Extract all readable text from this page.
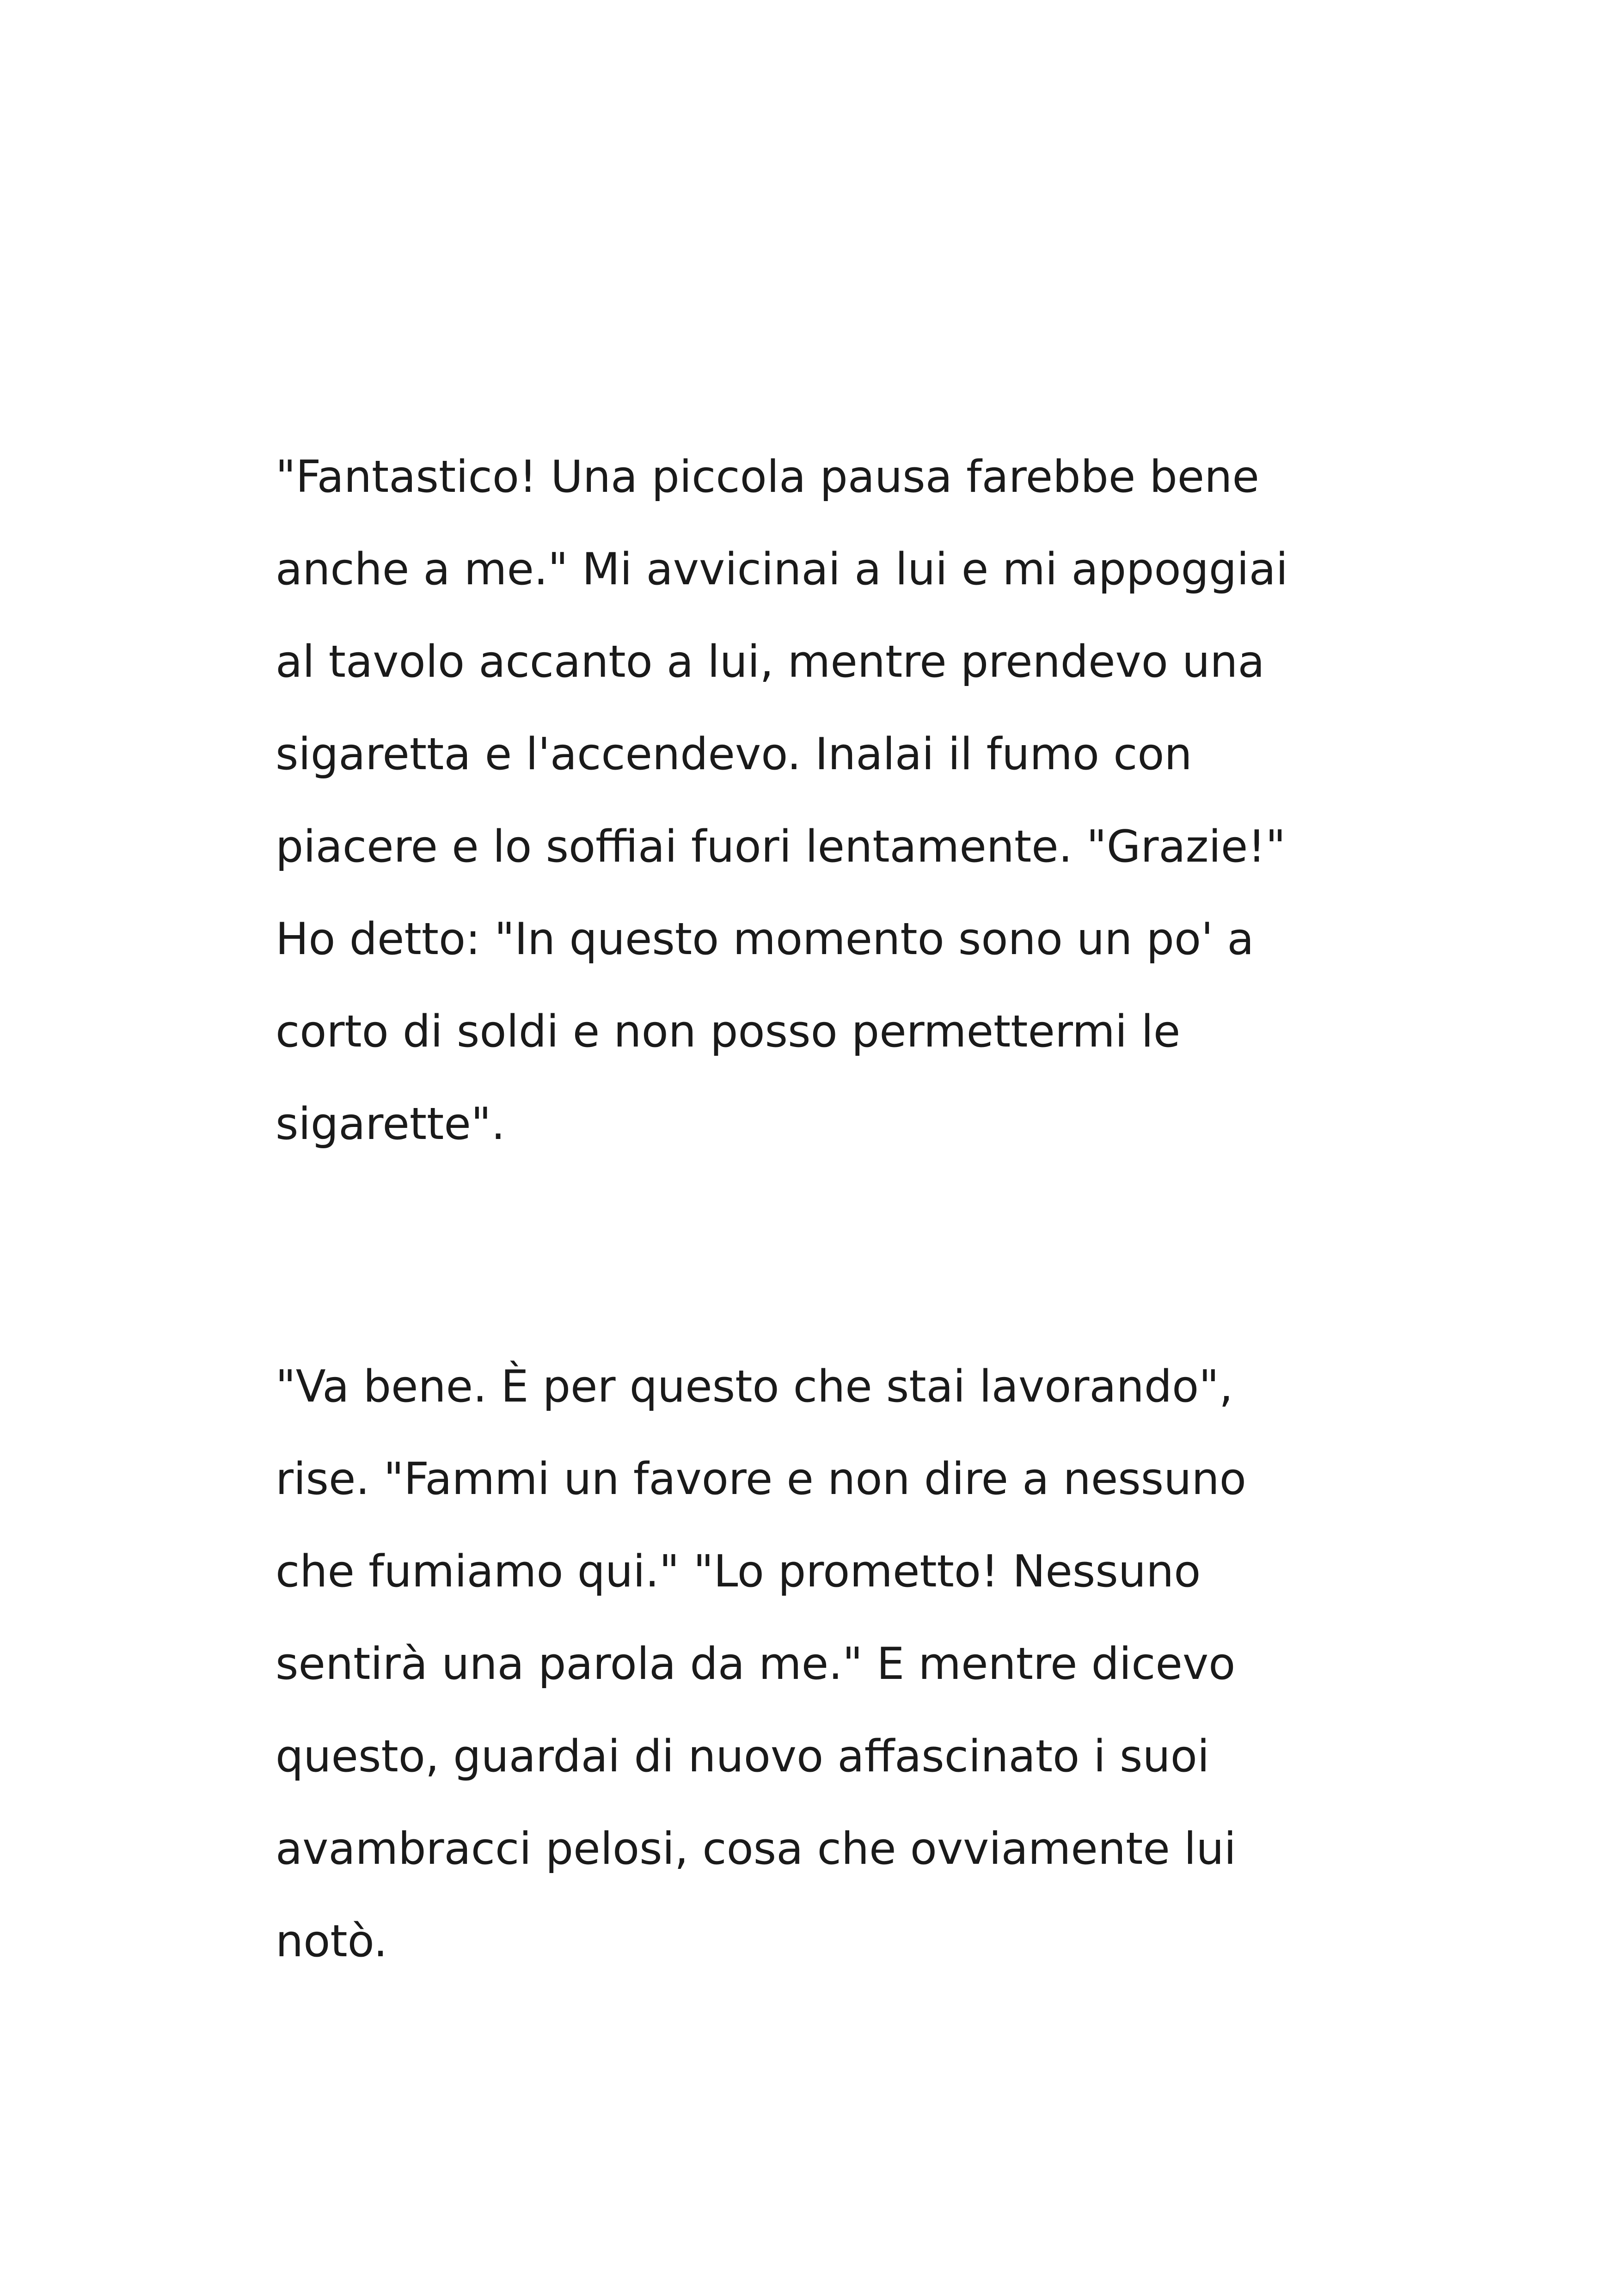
"Fantastico! Una piccola pausa farebbe bene
anche a me." Mi avvicinai a lui e mi appoggiai
al tavolo accanto a lui, mentre prendevo una
sigaretta e l'accendevo. Inalai il fumo con
piacere e lo soffiai fuori lentamente. "Grazie!"
Ho detto: "In questo momento sono un po' a
corto di soldi e non posso permettermi le
sigarette".

"Va bene. È per questo che stai lavorando",
rise. "Fammi un favore e non dire a nessuno
che fumiamo qui." "Lo prometto! Nessuno
sentirà una parola da me." E mentre dicevo
questo, guardai di nuovo affascinato i suoi
avambracci pelosi, cosa che ovviamente lui
notò.
